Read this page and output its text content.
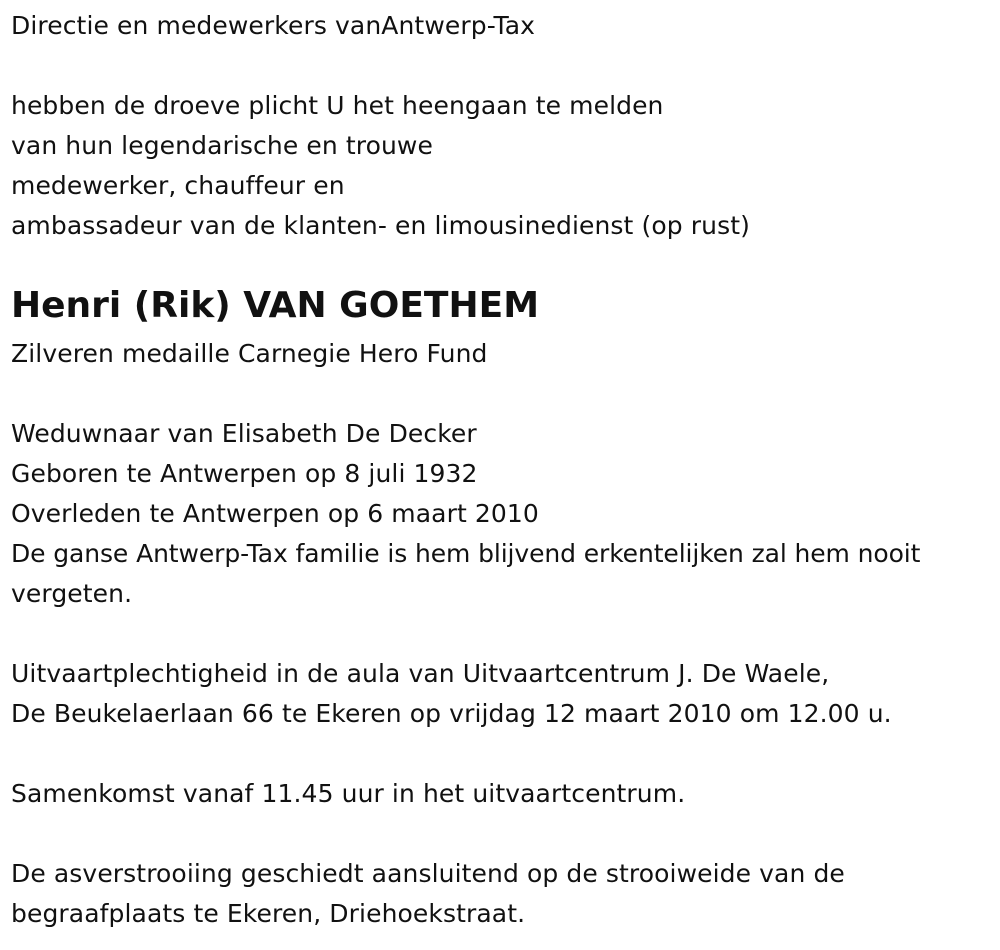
Directie en medewerkers vanAntwerp-Tax
hebben de droeve plicht U het heengaan te melden
van hun legendarische en trouwe
medewerker, chauffeur en
ambassadeur van de klanten- en limousinedienst (op rust)
Henri (Rik) VAN GOETHEM
Zilveren medaille Carnegie Hero Fund
Weduwnaar van Elisabeth De Decker
Geboren te Antwerpen op 8 juli 1932
Overleden te Antwerpen op 6 maart 2010
De ganse Antwerp-Tax familie is hem blijvend erkentelijken zal hem nooit
vergeten.
Uitvaartplechtigheid in de aula van Uitvaartcentrum J. De Waele,
De Beukelaerlaan 66 te Ekeren op vrijdag 12 maart 2010 om 12.00 u.
Samenkomst vanaf 11.45 uur in het uitvaartcentrum.
De asverstrooiing geschiedt aansluitend op de strooiweide van de
begraafplaats te Ekeren, Driehoekstraat.
